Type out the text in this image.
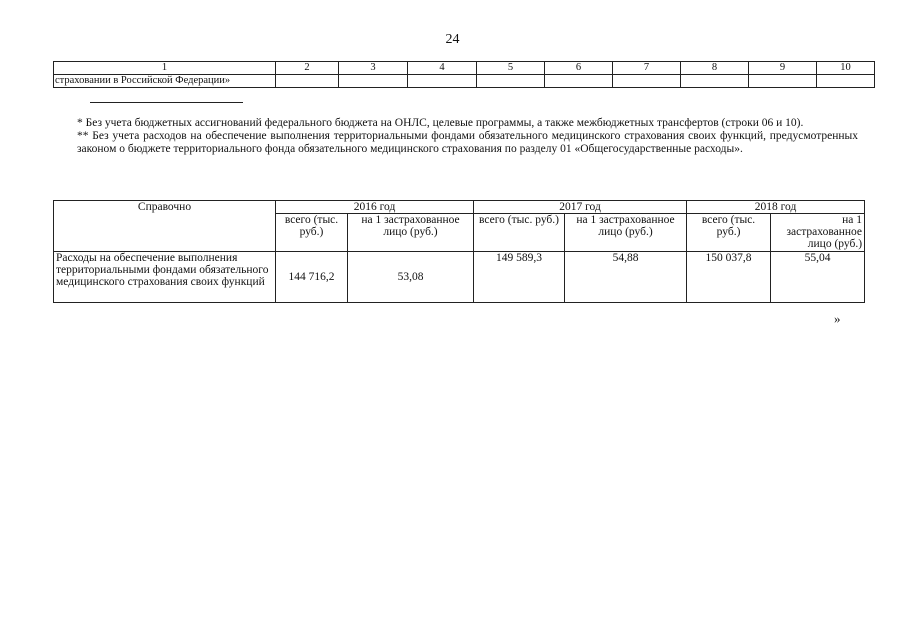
24
1	2	3	4	5	6	7	8	9	10
страховании в Российской Федерации»									

* Без учета бюджетных ассигнований федерального бюджета на ОНЛС, целевые программы, а также межбюджетных трансфертов (строки 06 и 10).

** Без учета расходов на обеспечение выполнения территориальными фондами обязательного медицинского страхования своих функций, предусмотренных законом о бюджете территориального фонда обязательного медицинского страхования по разделу 01 «Общегосударственные расходы».

Справочно	2016 год		2017 год		2018 год	
	всего (тыс. руб.)	на 1 застрахованное лицо (руб.)	всего (тыс. руб.)	на 1 застрахованное лицо (руб.)	всего (тыс. руб.)	на 1 застрахованное лицо (руб.)
Расходы на обеспечение выполнения территориальными фондами обязательного медицинского страхования своих функций	144 716,2	53,08	149 589,3	54,88	150 037,8	55,04
»
